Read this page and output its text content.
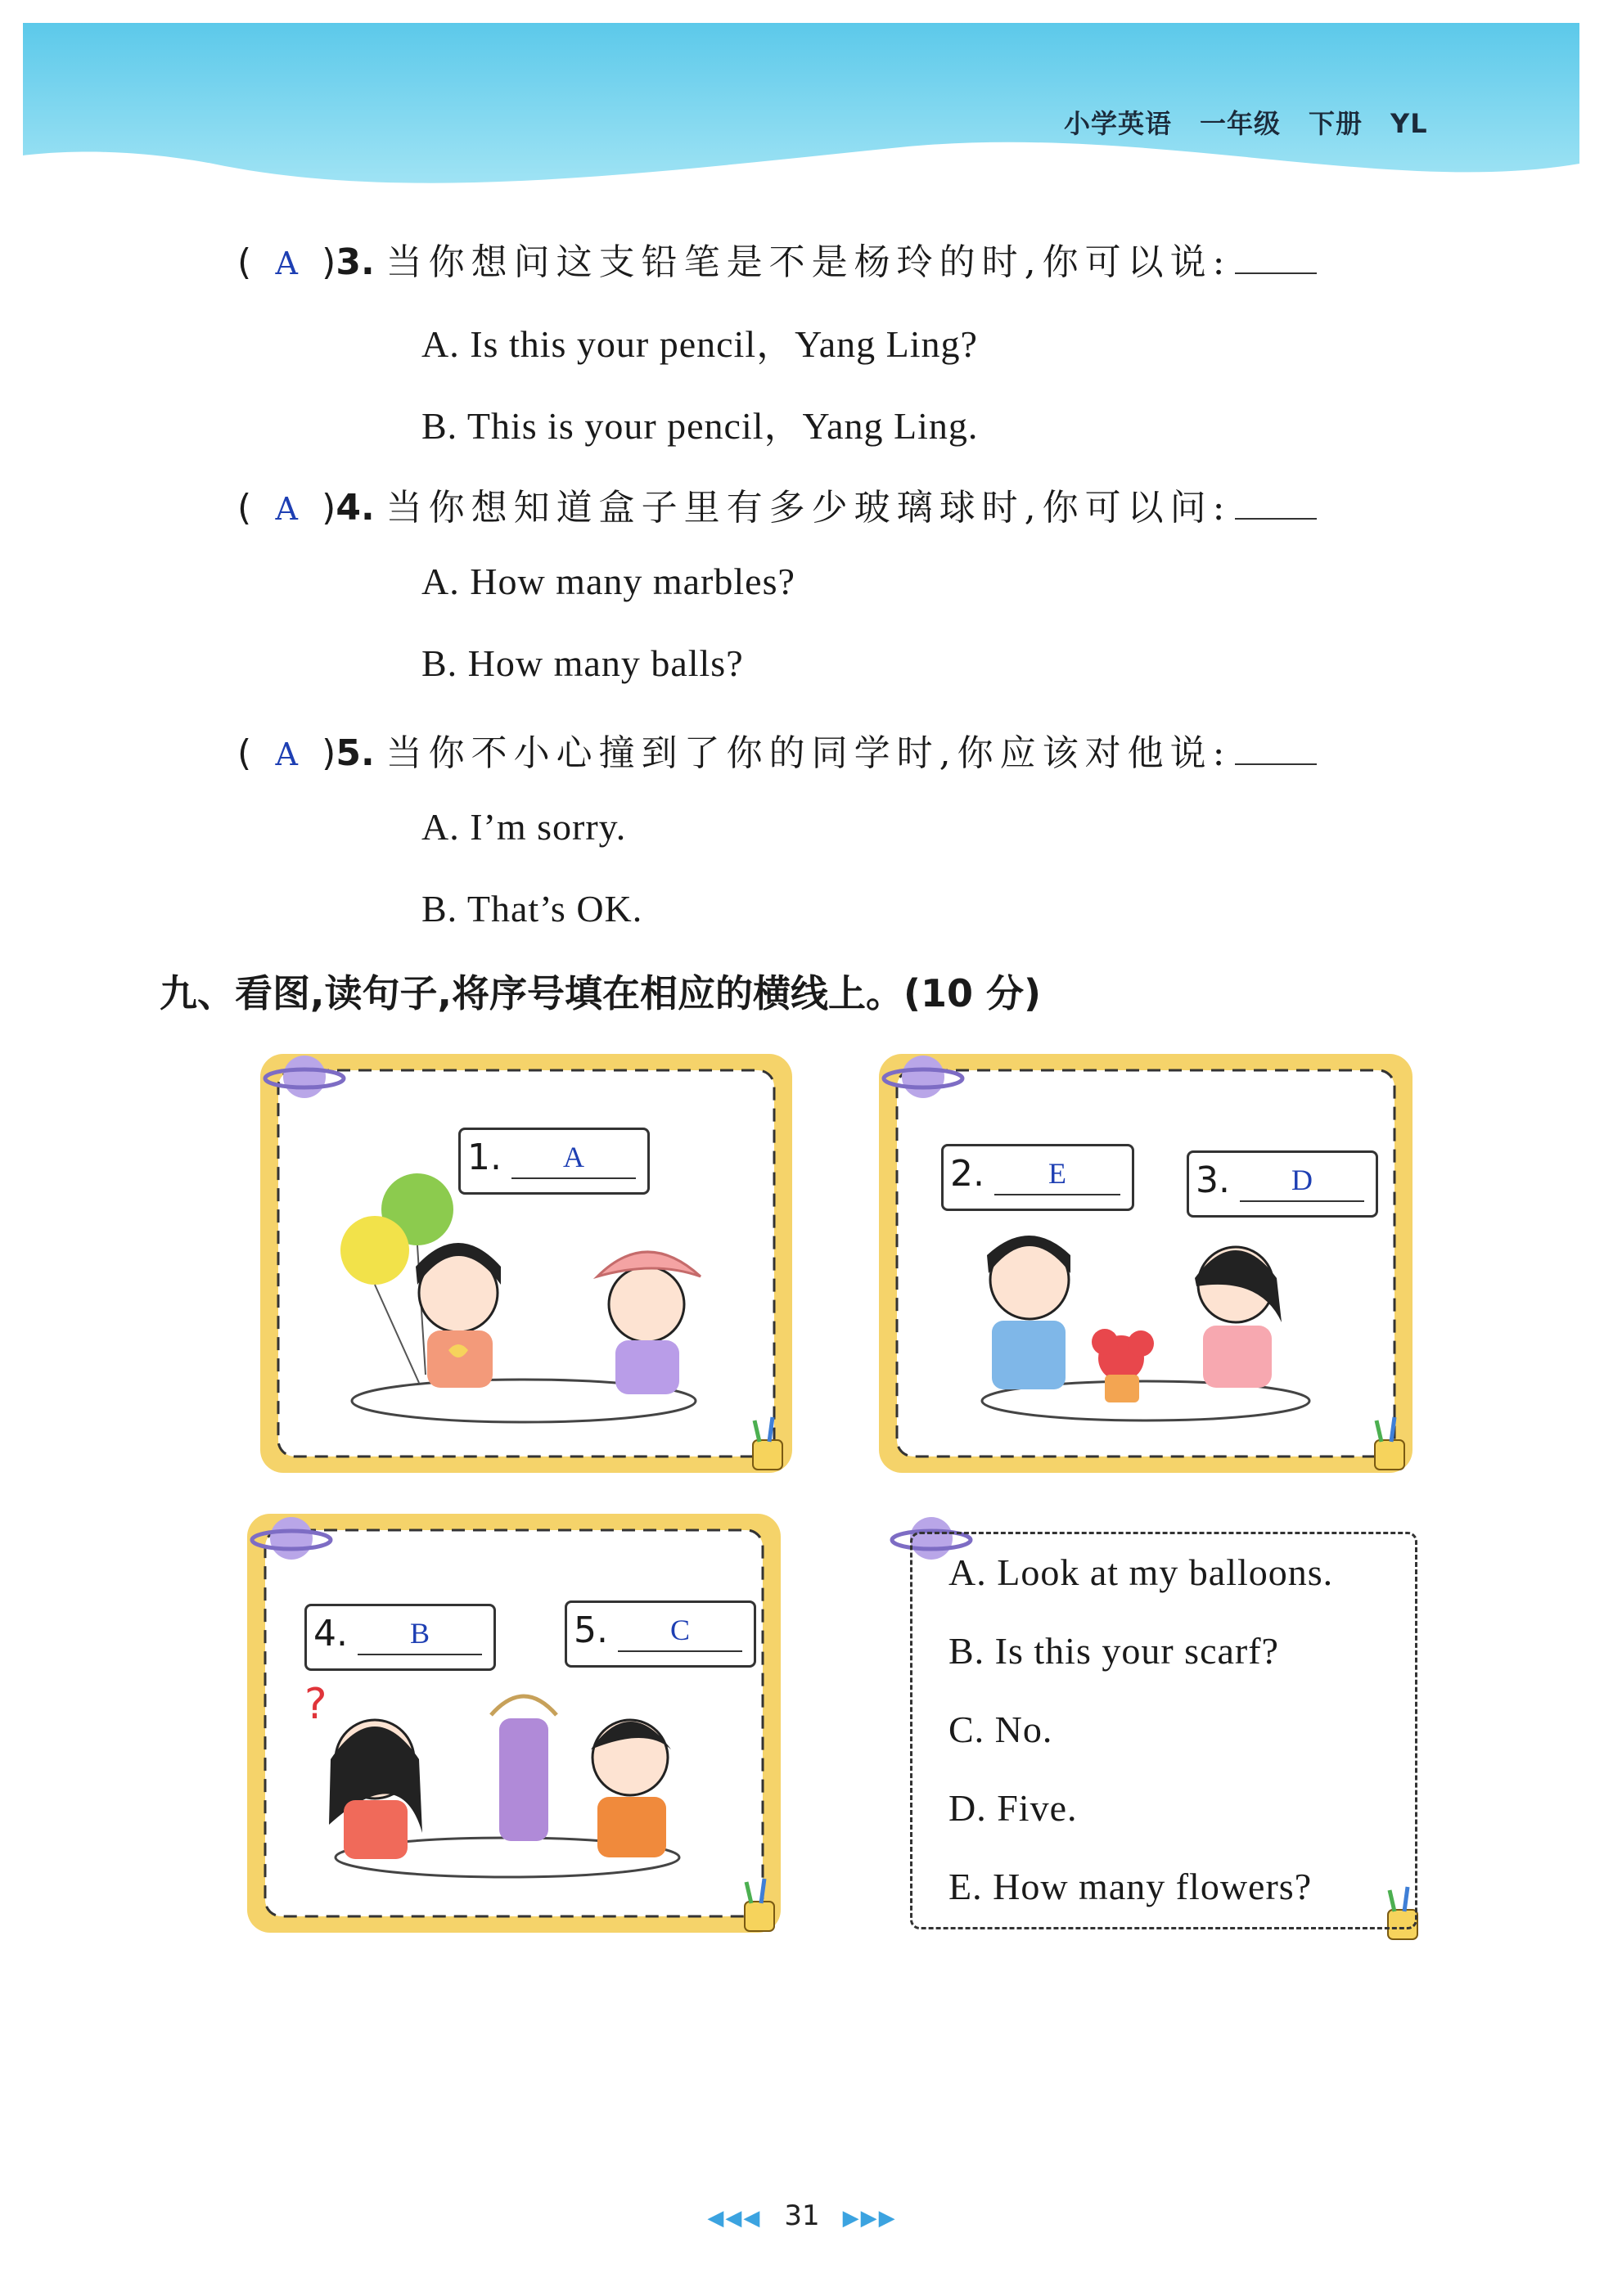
小学英语 一年级 下册 YL
( A )3. 当你想问这支铅笔是不是杨玲的时,你可以说:
A. Is this your pencil，Yang Ling?
B. This is your pencil，Yang Ling.
( A )4. 当你想知道盒子里有多少玻璃球时,你可以问:
A. How many marbles?
B. How many balls?
( A )5. 当你不小心撞到了你的同学时,你应该对他说:
A. I’m sorry.
B. That’s OK.
九、看图,读句子,将序号填在相应的横线上。(10 分)
?
1.	A	2.	E	3.	D
4.	B	5.	C
A. Look at my balloons.
B. Is this your scarf?
C. No.
D. Five.
E. How many flowers?
◀◀◀ 31 ▶▶▶
